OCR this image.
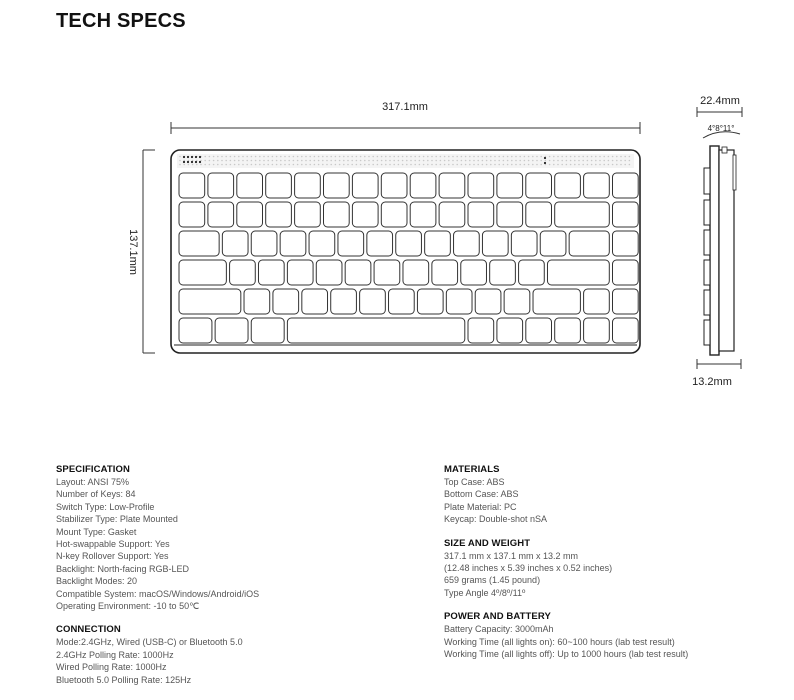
TECH SPECS
317.1mm
137.1mm
22.4mm
4°8°11°
13.2mm
SPECIFICATION
Layout: ANSI 75%
Number of Keys: 84
Switch Type: Low-Profile
Stabilizer Type: Plate Mounted
Mount Type: Gasket
Hot-swappable Support: Yes
N-key Rollover Support: Yes
Backlight: North-facing RGB-LED
Backlight Modes: 20
Compatible System: macOS/Windows/Android/iOS
Operating Environment: -10 to 50℃
CONNECTION
Mode:2.4GHz, Wired (USB-C) or Bluetooth 5.0
2.4GHz Polling Rate: 1000Hz
Wired Polling Rate: 1000Hz
Bluetooth 5.0 Polling Rate: 125Hz
MATERIALS
Top Case: ABS
Bottom Case: ABS
Plate Material: PC
Keycap: Double-shot nSA
SIZE AND WEIGHT
317.1 mm x 137.1 mm x 13.2 mm
(12.48 inches x 5.39 inches x 0.52 inches)
659 grams (1.45 pound)
Type Angle 4º/8º/11º
POWER AND BATTERY
Battery Capacity: 3000mAh
Working Time (all lights on): 60~100 hours (lab test result)
Working Time (all lights off): Up to 1000 hours (lab test result)
